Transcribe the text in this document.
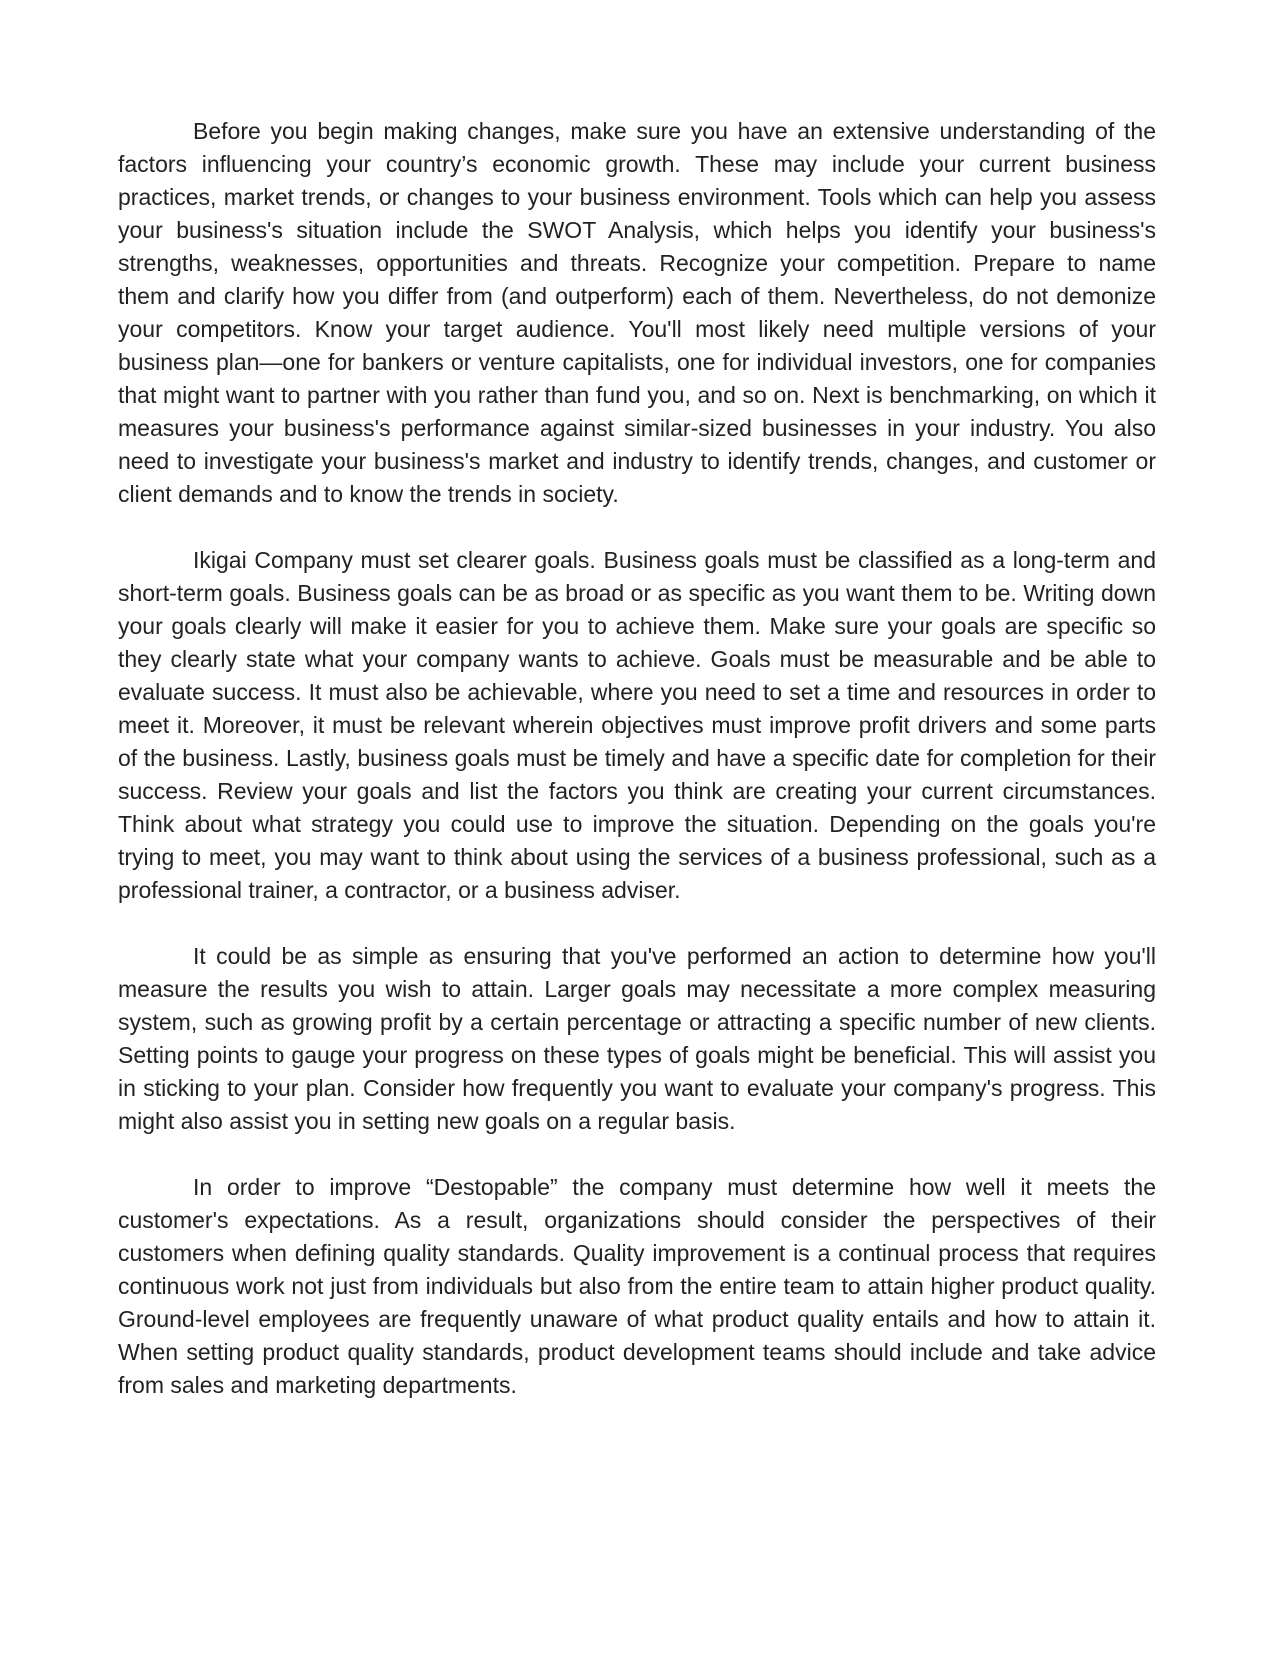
Before you begin making changes, make sure you have an extensive understanding of the factors influencing your country’s economic growth. These may include your current business practices, market trends, or changes to your business environment. Tools which can help you assess your business's situation include the SWOT Analysis, which helps you identify your business's strengths, weaknesses, opportunities and threats. Recognize your competition. Prepare to name them and clarify how you differ from (and outperform) each of them. Nevertheless, do not demonize your competitors. Know your target audience. You'll most likely need multiple versions of your business plan—one for bankers or venture capitalists, one for individual investors, one for companies that might want to partner with you rather than fund you, and so on. Next is benchmarking, on which it measures your business's performance against similar-sized businesses in your industry. You also need to investigate your business's market and industry to identify trends, changes, and customer or client demands and to know the trends in society.

Ikigai Company must set clearer goals. Business goals must be classified as a long-term and short-term goals. Business goals can be as broad or as specific as you want them to be. Writing down your goals clearly will make it easier for you to achieve them. Make sure your goals are specific so they clearly state what your company wants to achieve. Goals must be measurable and be able to evaluate success. It must also be achievable, where you need to set a time and resources in order to meet it. Moreover, it must be relevant wherein objectives must improve profit drivers and some parts of the business. Lastly, business goals must be timely and have a specific date for completion for their success. Review your goals and list the factors you think are creating your current circumstances. Think about what strategy you could use to improve the situation. Depending on the goals you're trying to meet, you may want to think about using the services of a business professional, such as a professional trainer, a contractor, or a business adviser.

It could be as simple as ensuring that you've performed an action to determine how you'll measure the results you wish to attain. Larger goals may necessitate a more complex measuring system, such as growing profit by a certain percentage or attracting a specific number of new clients. Setting points to gauge your progress on these types of goals might be beneficial. This will assist you in sticking to your plan. Consider how frequently you want to evaluate your company's progress. This might also assist you in setting new goals on a regular basis.

In order to improve “Destopable” the company must determine how well it meets the customer's expectations. As a result, organizations should consider the perspectives of their customers when defining quality standards. Quality improvement is a continual process that requires continuous work not just from individuals but also from the entire team to attain higher product quality. Ground-level employees are frequently unaware of what product quality entails and how to attain it. When setting product quality standards, product development teams should include and take advice from sales and marketing departments.
